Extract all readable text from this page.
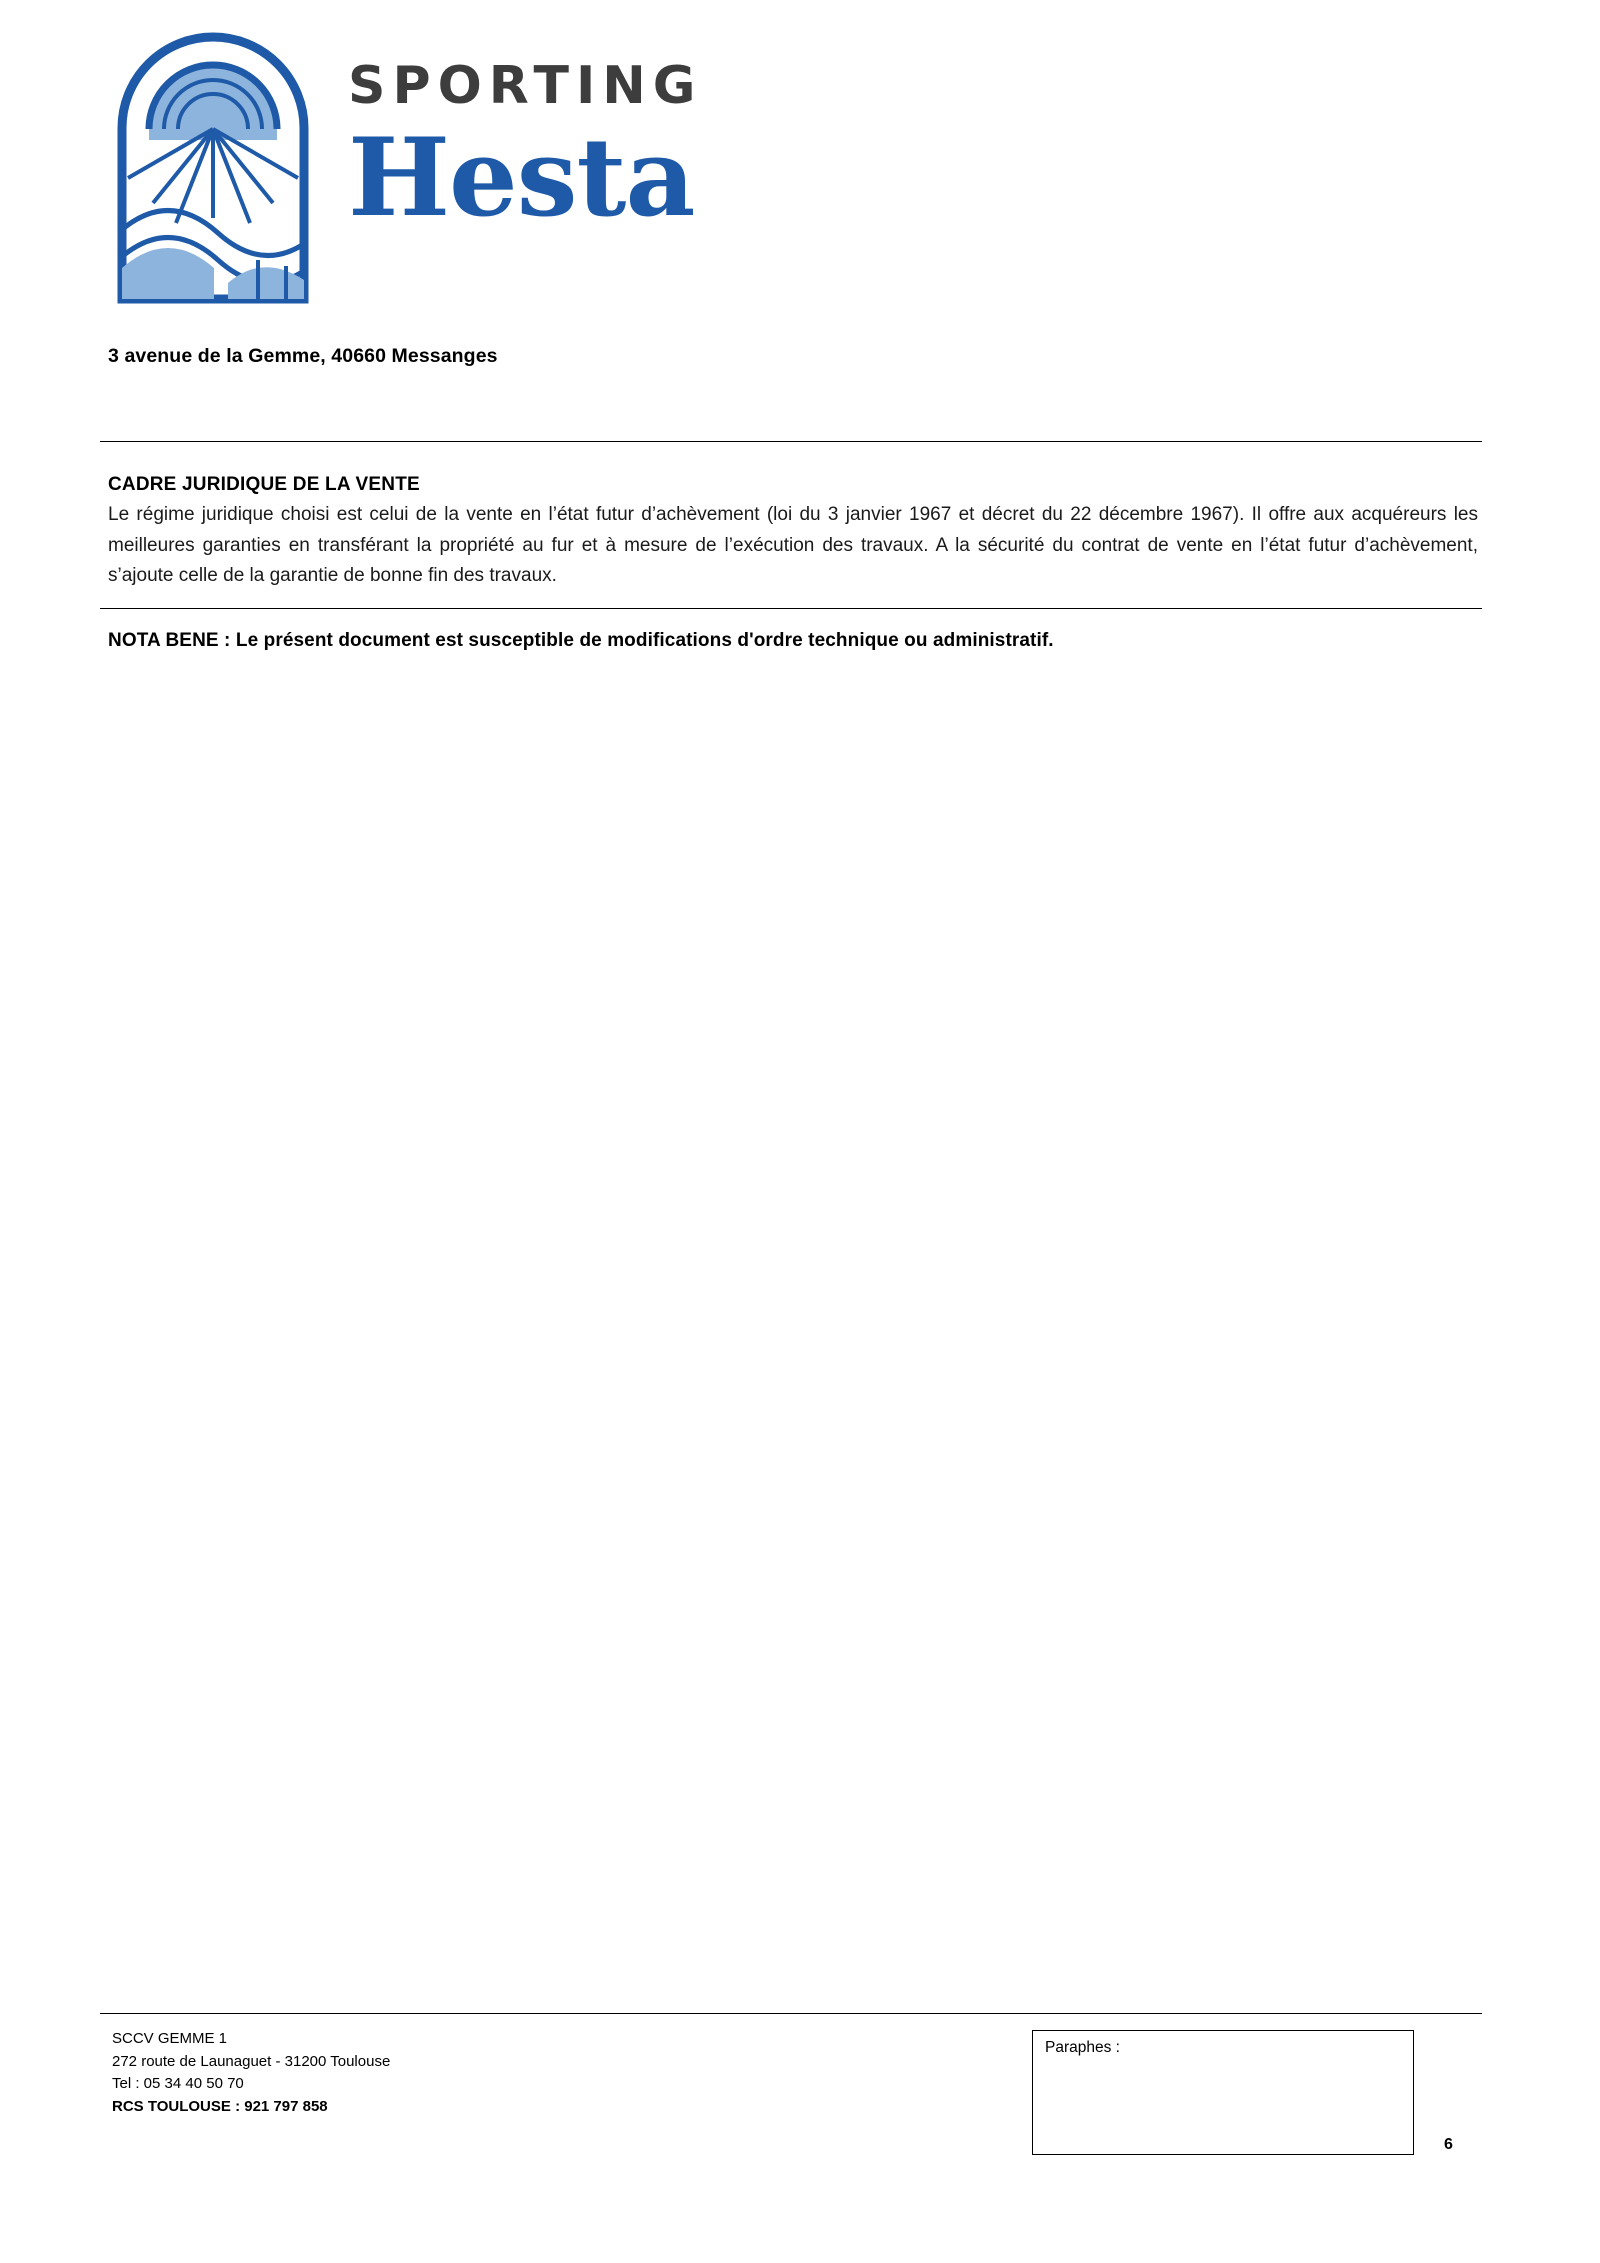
SPORTING
Hesta
3 avenue de la Gemme, 40660 Messanges
CADRE JURIDIQUE DE LA VENTE
Le régime juridique choisi est celui de la vente en l’état futur d’achèvement (loi du 3 janvier 1967 et décret du 22 décembre 1967). Il offre aux acquéreurs les meilleures garanties en transférant la propriété au fur et à mesure de l’exécution des travaux. A la sécurité du contrat de vente en l’état futur d’achèvement, s’ajoute celle de la garantie de bonne fin des travaux.
NOTA BENE : Le présent document est susceptible de modifications d'ordre technique ou administratif.
SCCV GEMME 1
272 route de Launaguet - 31200 Toulouse
Tel : 05 34 40 50 70
RCS TOULOUSE : 921 797 858
Paraphes :
6
